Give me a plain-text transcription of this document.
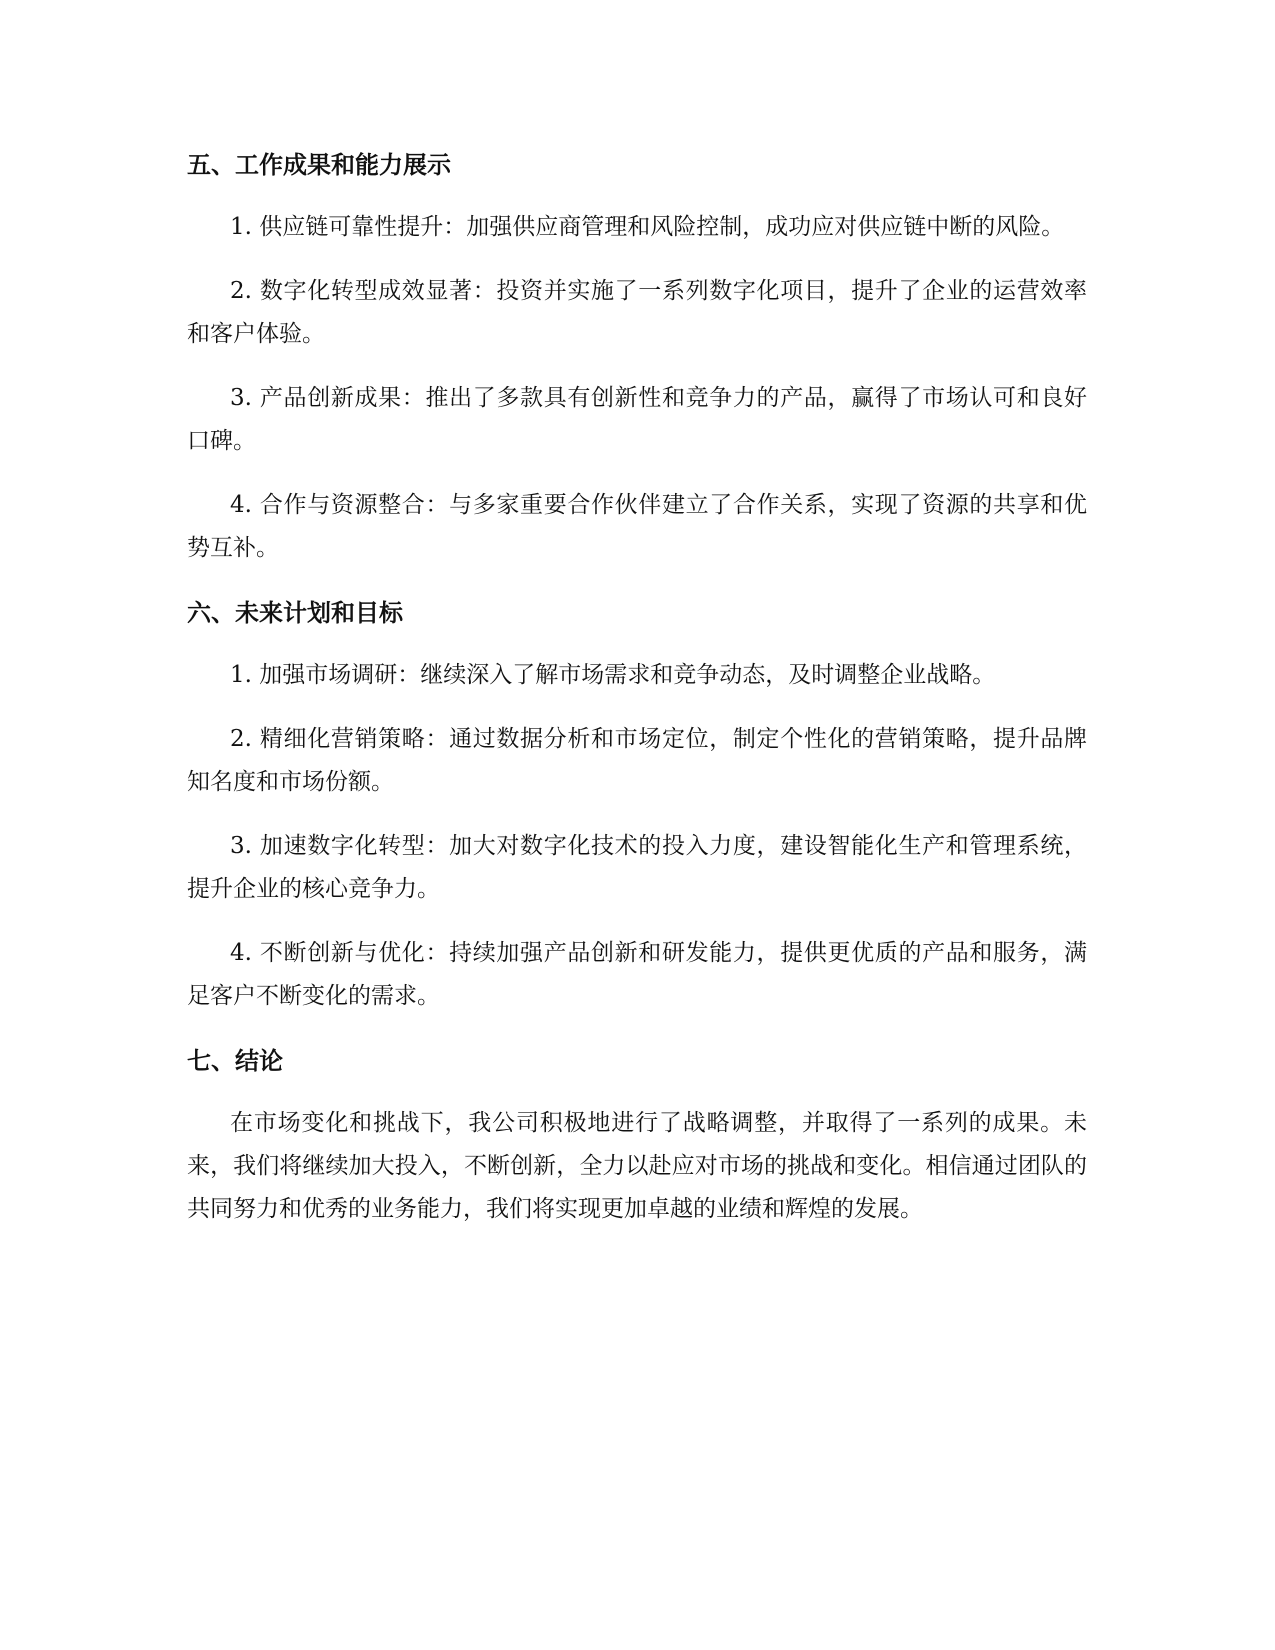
五、工作成果和能力展示

1. 供应链可靠性提升：加强供应商管理和风险控制，成功应对供应链中断的风险。

2. 数字化转型成效显著：投资并实施了一系列数字化项目，提升了企业的运营效率和客户体验。

3. 产品创新成果：推出了多款具有创新性和竞争力的产品，赢得了市场认可和良好口碑。

4. 合作与资源整合：与多家重要合作伙伴建立了合作关系，实现了资源的共享和优势互补。

六、未来计划和目标

1. 加强市场调研：继续深入了解市场需求和竞争动态，及时调整企业战略。

2. 精细化营销策略：通过数据分析和市场定位，制定个性化的营销策略，提升品牌知名度和市场份额。

3. 加速数字化转型：加大对数字化技术的投入力度，建设智能化生产和管理系统，提升企业的核心竞争力。

4. 不断创新与优化：持续加强产品创新和研发能力，提供更优质的产品和服务，满足客户不断变化的需求。

七、结论

在市场变化和挑战下，我公司积极地进行了战略调整，并取得了一系列的成果。未来，我们将继续加大投入，不断创新，全力以赴应对市场的挑战和变化。相信通过团队的共同努力和优秀的业务能力，我们将实现更加卓越的业绩和辉煌的发展。
